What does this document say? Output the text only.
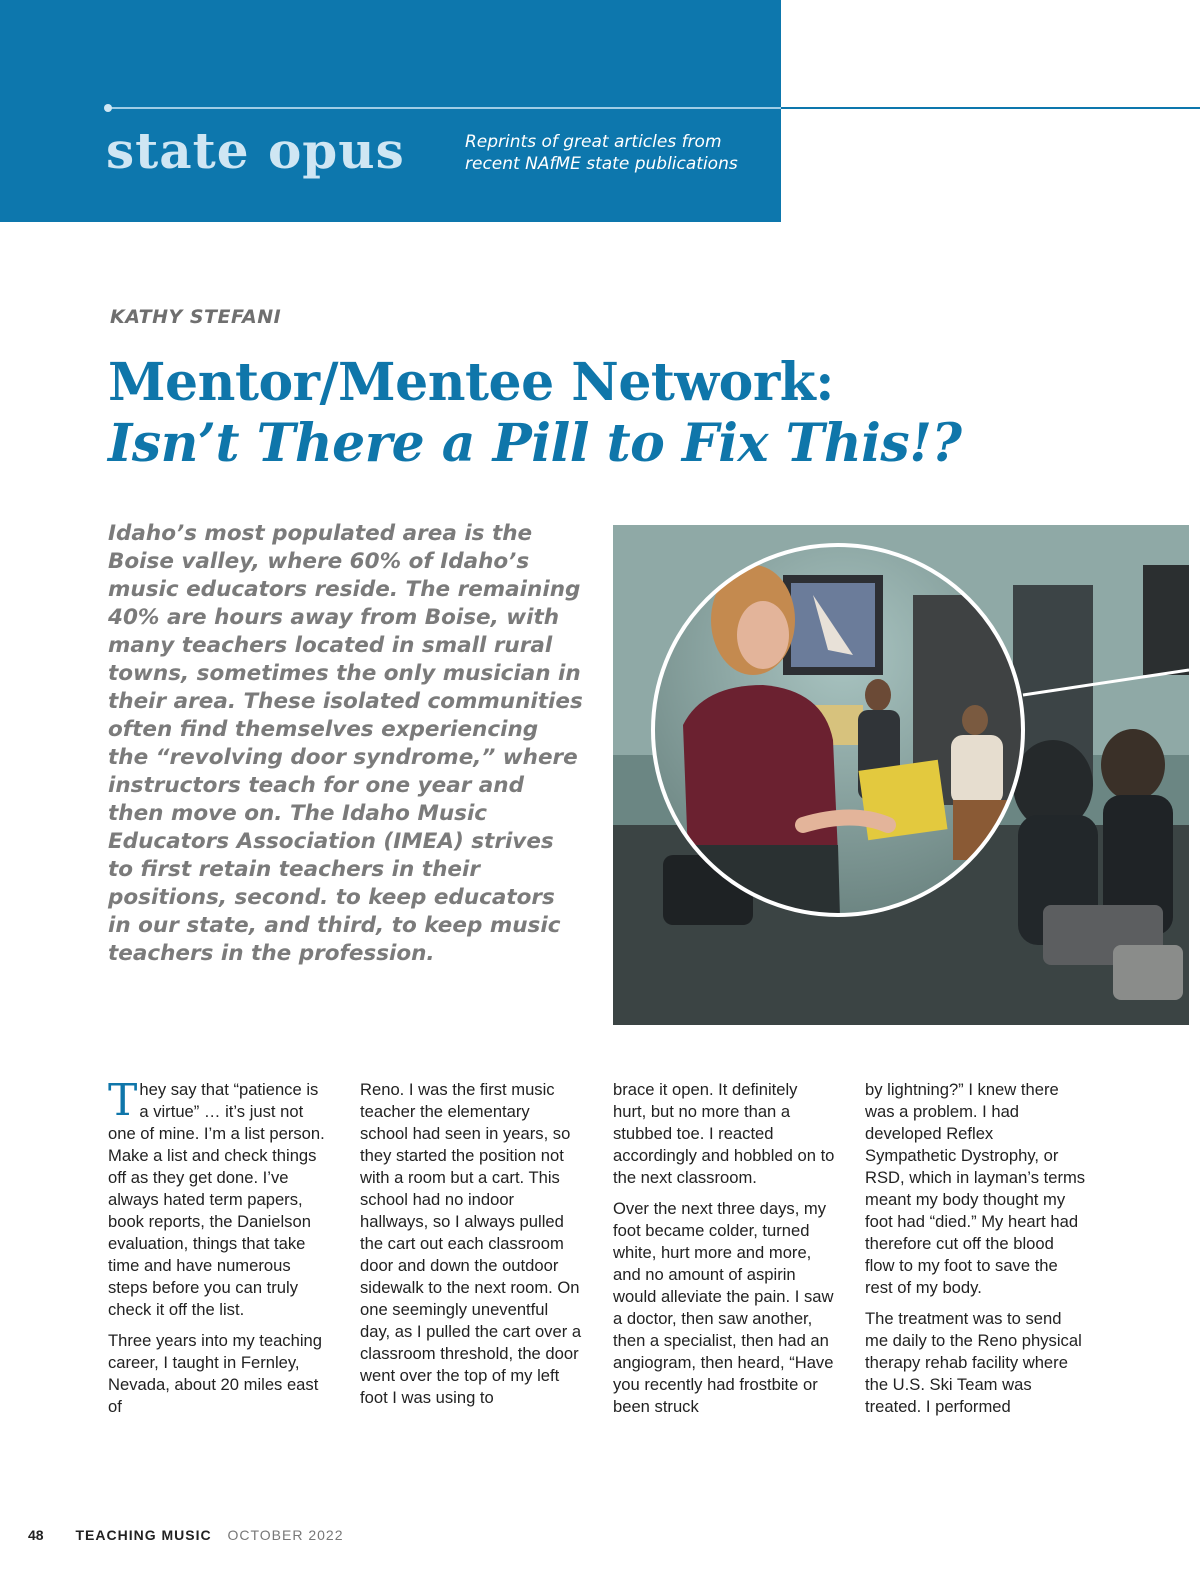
state opus	Reprints of great articles from
recent NAfME state publications
KATHY STEFANI
Mentor/Mentee Network:
Isn’t There a Pill to Fix This!?
Idaho’s most populated area is the Boise valley, where 60% of Idaho’s music educators reside. The remaining 40% are hours away from Boise, with many teachers located in small rural towns, sometimes the only musician in their area. These isolated communities often find themselves experiencing the “revolving door syndrome,” where instructors teach for one year and then move on. The Idaho Music Educators Association (IMEA) strives to first retain teachers in their positions, second. to keep educators in our state, and third, to keep music teachers in the profession.

They say that “patience is a virtue” … it’s just not one of mine. I’m a list person. Make a list and check things off as they get done. I’ve always hated term papers, book reports, the Danielson evaluation, things that take time and have numerous steps before you can truly check it off the list.

Three years into my teaching career, I taught in Fernley, Nevada, about 20 miles east of

Reno. I was the first music teacher the elementary school had seen in years, so they started the position not with a room but a cart. This school had no indoor hallways, so I always pulled the cart out each classroom door and down the outdoor sidewalk to the next room. On one seemingly uneventful day, as I pulled the cart over a classroom threshold, the door went over the top of my left foot I was using to

brace it open. It definitely hurt, but no more than a stubbed toe. I reacted accordingly and hobbled on to the next classroom.

Over the next three days, my foot became colder, turned white, hurt more and more, and no amount of aspirin would alleviate the pain. I saw a doctor, then saw another, then a specialist, then had an angiogram, then heard, “Have you recently had frostbite or been struck

by lightning?” I knew there was a problem. I had developed Reflex Sympathetic Dystrophy, or RSD, which in layman’s terms meant my body thought my foot had “died.” My heart had therefore cut off the blood flow to my foot to save the rest of my body.

The treatment was to send me daily to the Reno physical therapy rehab facility where the U.S. Ski Team was treated. I performed

48 TEACHING MUSIC OCTOBER 2022
